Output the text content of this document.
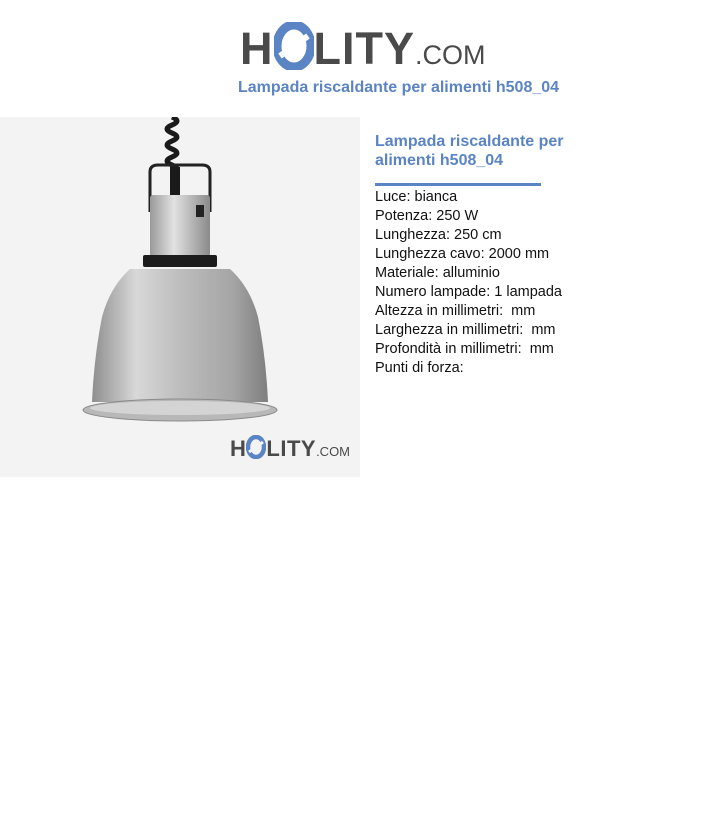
H LITY.COM
Lampada riscaldante per alimenti h508_04
H LITY.COM
Lampada riscaldante per alimenti h508_04
Luce: bianca
Potenza: 250 W
Lunghezza: 250 cm
Lunghezza cavo: 2000 mm
Materiale: alluminio
Numero lampade: 1 lampada
Altezza in millimetri:  mm
Larghezza in millimetri:  mm
Profondità in millimetri:  mm
Punti di forza:
